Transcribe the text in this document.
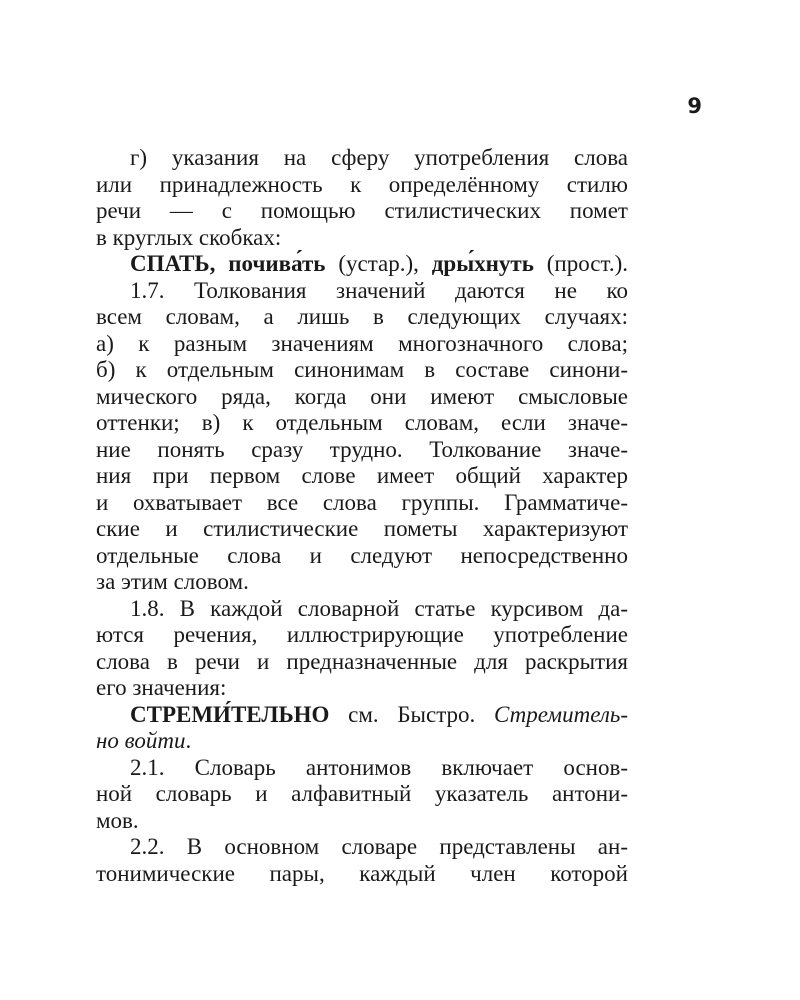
9
г) указания на сферу употребления слова
или принадлежность к определённому стилю
речи — с помощью стилистических помет
в круглых скобках:
СПАТЬ, почива́ть (устар.), дры́хнуть (прост.).
1.7. Толкования значений даются не ко
всем словам, а лишь в следующих случаях:
а) к разным значениям многозначного слова;
б) к отдельным синонимам в составе синони-
мического ряда, когда они имеют смысловые
оттенки; в) к отдельным словам, если значе-
ние понять сразу трудно. Толкование значе-
ния при первом слове имеет общий характер
и охватывает все слова группы. Грамматиче-
ские и стилистические пометы характеризуют
отдельные слова и следуют непосредственно
за этим словом.
1.8. В каждой словарной статье курсивом да-
ются речения, иллюстрирующие употребление
слова в речи и предназначенные для раскрытия
его значения:
СТРЕМИ́ТЕЛЬНО см. Быстро. Стремитель-
но войти.
2.1. Словарь антонимов включает основ-
ной словарь и алфавитный указатель антони-
мов.
2.2. В основном словаре представлены ан-
тонимические пары, каждый член которой
